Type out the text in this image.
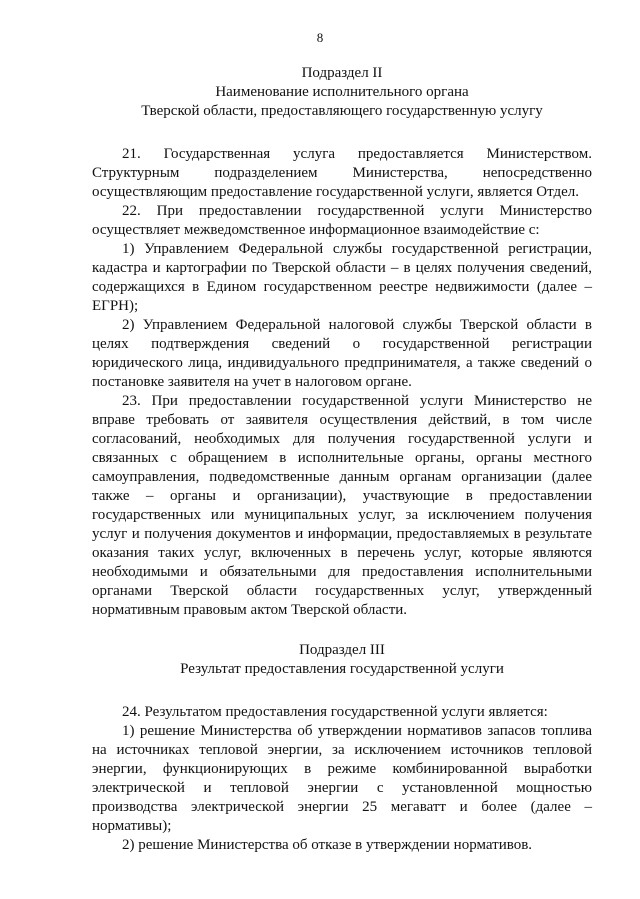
8

Подраздел II

Наименование исполнительного органа

Тверской области, предоставляющего государственную услугу

21. Государственная услуга предоставляется Министерством. Структурным подразделением Министерства, непосредственно осуществляющим предоставление государственной услуги, является Отдел.

22. При предоставлении государственной услуги Министерство осуществляет межведомственное информационное взаимодействие с:

1) Управлением Федеральной службы государственной регистрации, кадастра и картографии по Тверской области – в целях получения сведений, содержащихся в Едином государственном реестре недвижимости (далее – ЕГРН);

2) Управлением Федеральной налоговой службы Тверской области в целях подтверждения сведений о государственной регистрации юридического лица, индивидуального предпринимателя, а также сведений о постановке заявителя на учет в налоговом органе.

23. При предоставлении государственной услуги Министерство не вправе требовать от заявителя осуществления действий, в том числе согласований, необходимых для получения государственной услуги и связанных с обращением в исполнительные органы, органы местного самоуправления, подведомственные данным органам организации (далее также – органы и организации), участвующие в предоставлении государственных или муниципальных услуг, за исключением получения услуг и получения документов и информации, предоставляемых в результате оказания таких услуг, включенных в перечень услуг, которые являются необходимыми и обязательными для предоставления исполнительными органами Тверской области государственных услуг, утвержденный нормативным правовым актом Тверской области.

Подраздел III

Результат предоставления государственной услуги

24. Результатом предоставления государственной услуги является:

1) решение Министерства об утверждении нормативов запасов топлива на источниках тепловой энергии, за исключением источников тепловой энергии, функционирующих в режиме комбинированной выработки электрической и тепловой энергии с установленной мощностью производства электрической энергии 25 мегаватт и более (далее – нормативы);

2) решение Министерства об отказе в утверждении нормативов.
